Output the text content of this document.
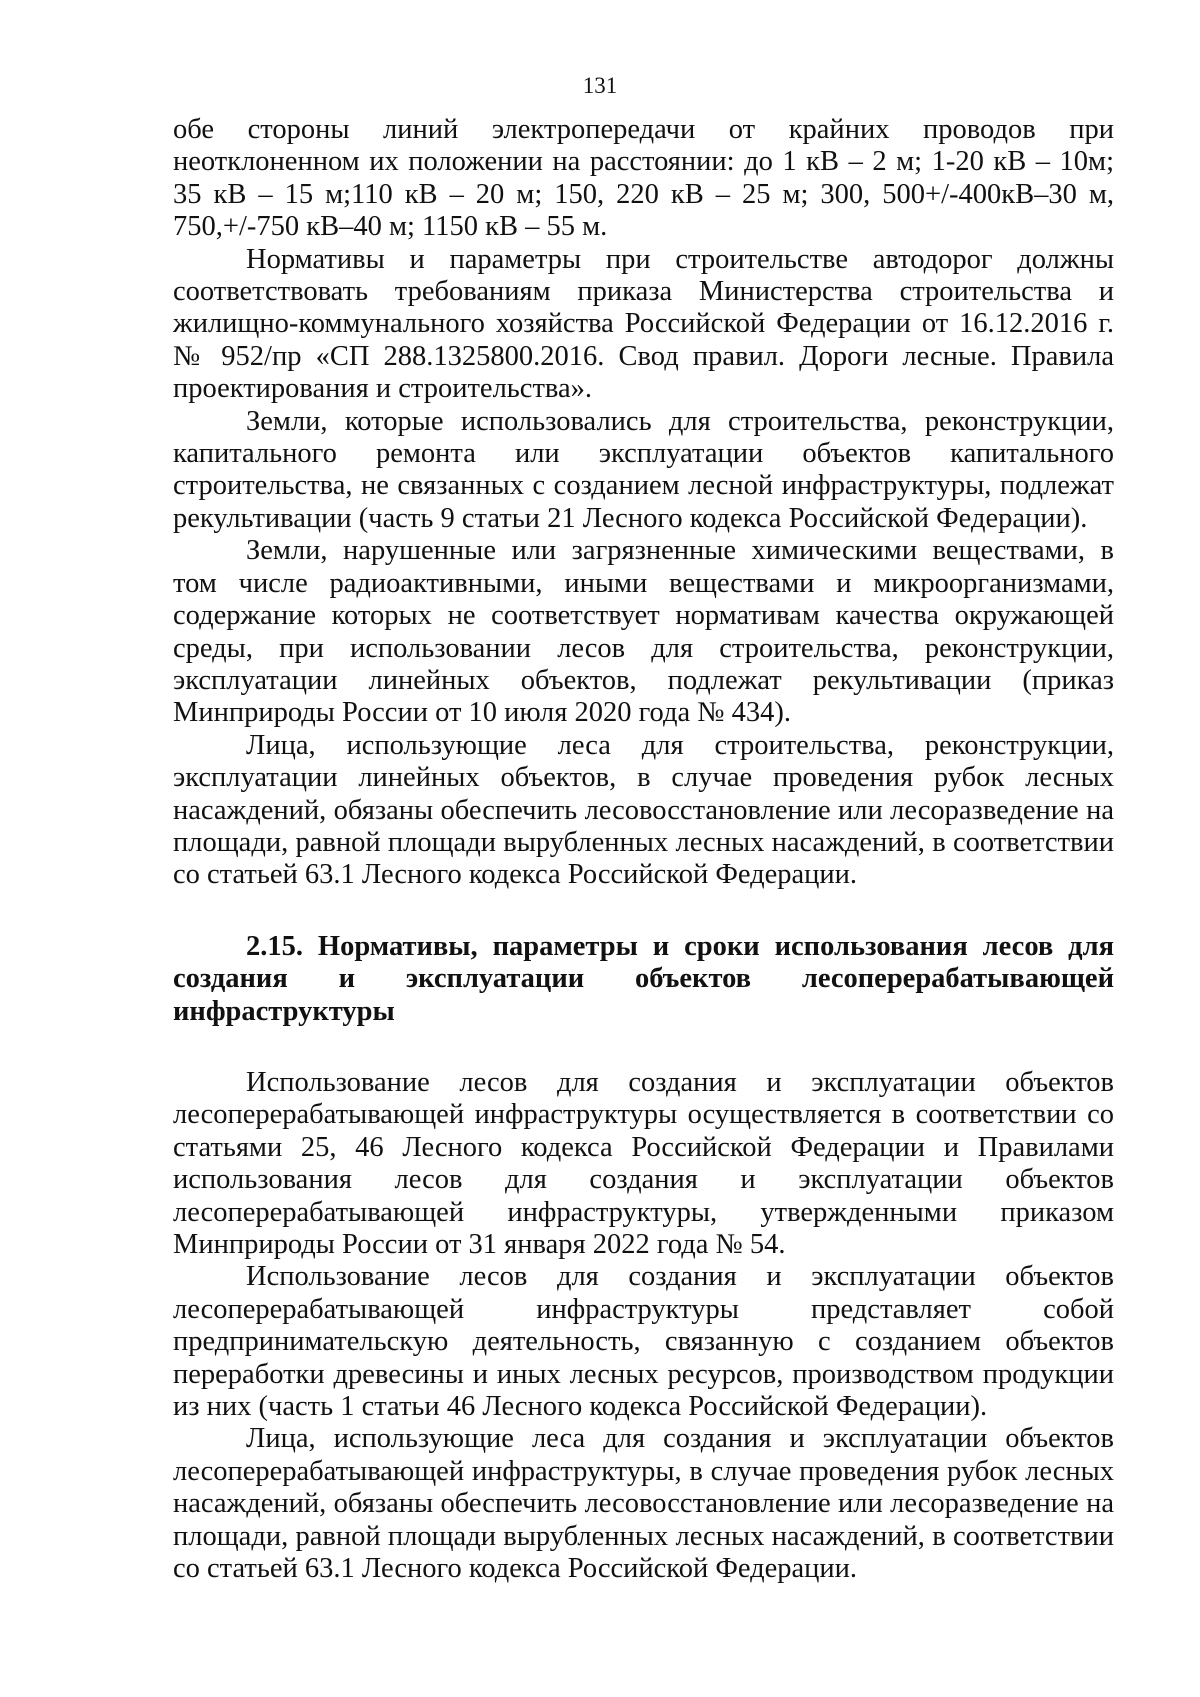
131

обе стороны линий электропередачи от крайних проводов при неотклоненном их положении на расстоянии: до 1 кВ – 2 м; 1-20 кВ – 10м; 35 кВ – 15 м;110 кВ – 20 м; 150, 220 кВ – 25 м; 300, 500+/-400кВ–30 м, 750,+/-750 кВ–40 м; 1150 кВ – 55 м.

Нормативы и параметры при строительстве автодорог должны соответствовать требованиям приказа Министерства строительства и жилищно-коммунального хозяйства Российской Федерации от 16.12.2016 г. № 952/пр «СП 288.1325800.2016. Свод правил. Дороги лесные. Правила проектирования и строительства».

Земли, которые использовались для строительства, реконструкции, капитального ремонта или эксплуатации объектов капитального строительства, не связанных с созданием лесной инфраструктуры, подлежат рекультивации (часть 9 статьи 21 Лесного кодекса Российской Федерации).

Земли, нарушенные или загрязненные химическими веществами, в том числе радиоактивными, иными веществами и микроорганизмами, содержание которых не соответствует нормативам качества окружающей среды, при использовании лесов для строительства, реконструкции, эксплуатации линейных объектов, подлежат рекультивации (приказ Минприроды России от 10 июля 2020 года № 434).

Лица, использующие леса для строительства, реконструкции, эксплуатации линейных объектов, в случае проведения рубок лесных насаждений, обязаны обеспечить лесовосстановление или лесоразведение на площади, равной площади вырубленных лесных насаждений, в соответствии со статьей 63.1 Лесного кодекса Российской Федерации.

2.15. Нормативы, параметры и сроки использования лесов для создания и эксплуатации объектов лесоперерабатывающей инфраструктуры

Использование лесов для создания и эксплуатации объектов лесоперерабатывающей инфраструктуры осуществляется в соответствии со статьями 25, 46 Лесного кодекса Российской Федерации и Правилами использования лесов для создания и эксплуатации объектов лесоперерабатывающей инфраструктуры, утвержденными приказом Минприроды России от 31 января 2022 года № 54.

Использование лесов для создания и эксплуатации объектов лесоперерабатывающей инфраструктуры представляет собой предпринимательскую деятельность, связанную с созданием объектов переработки древесины и иных лесных ресурсов, производством продукции из них (часть 1 статьи 46 Лесного кодекса Российской Федерации).

Лица, использующие леса для создания и эксплуатации объектов лесоперерабатывающей инфраструктуры, в случае проведения рубок лесных насаждений, обязаны обеспечить лесовосстановление или лесоразведение на площади, равной площади вырубленных лесных насаждений, в соответствии со статьей 63.1 Лесного кодекса Российской Федерации.
